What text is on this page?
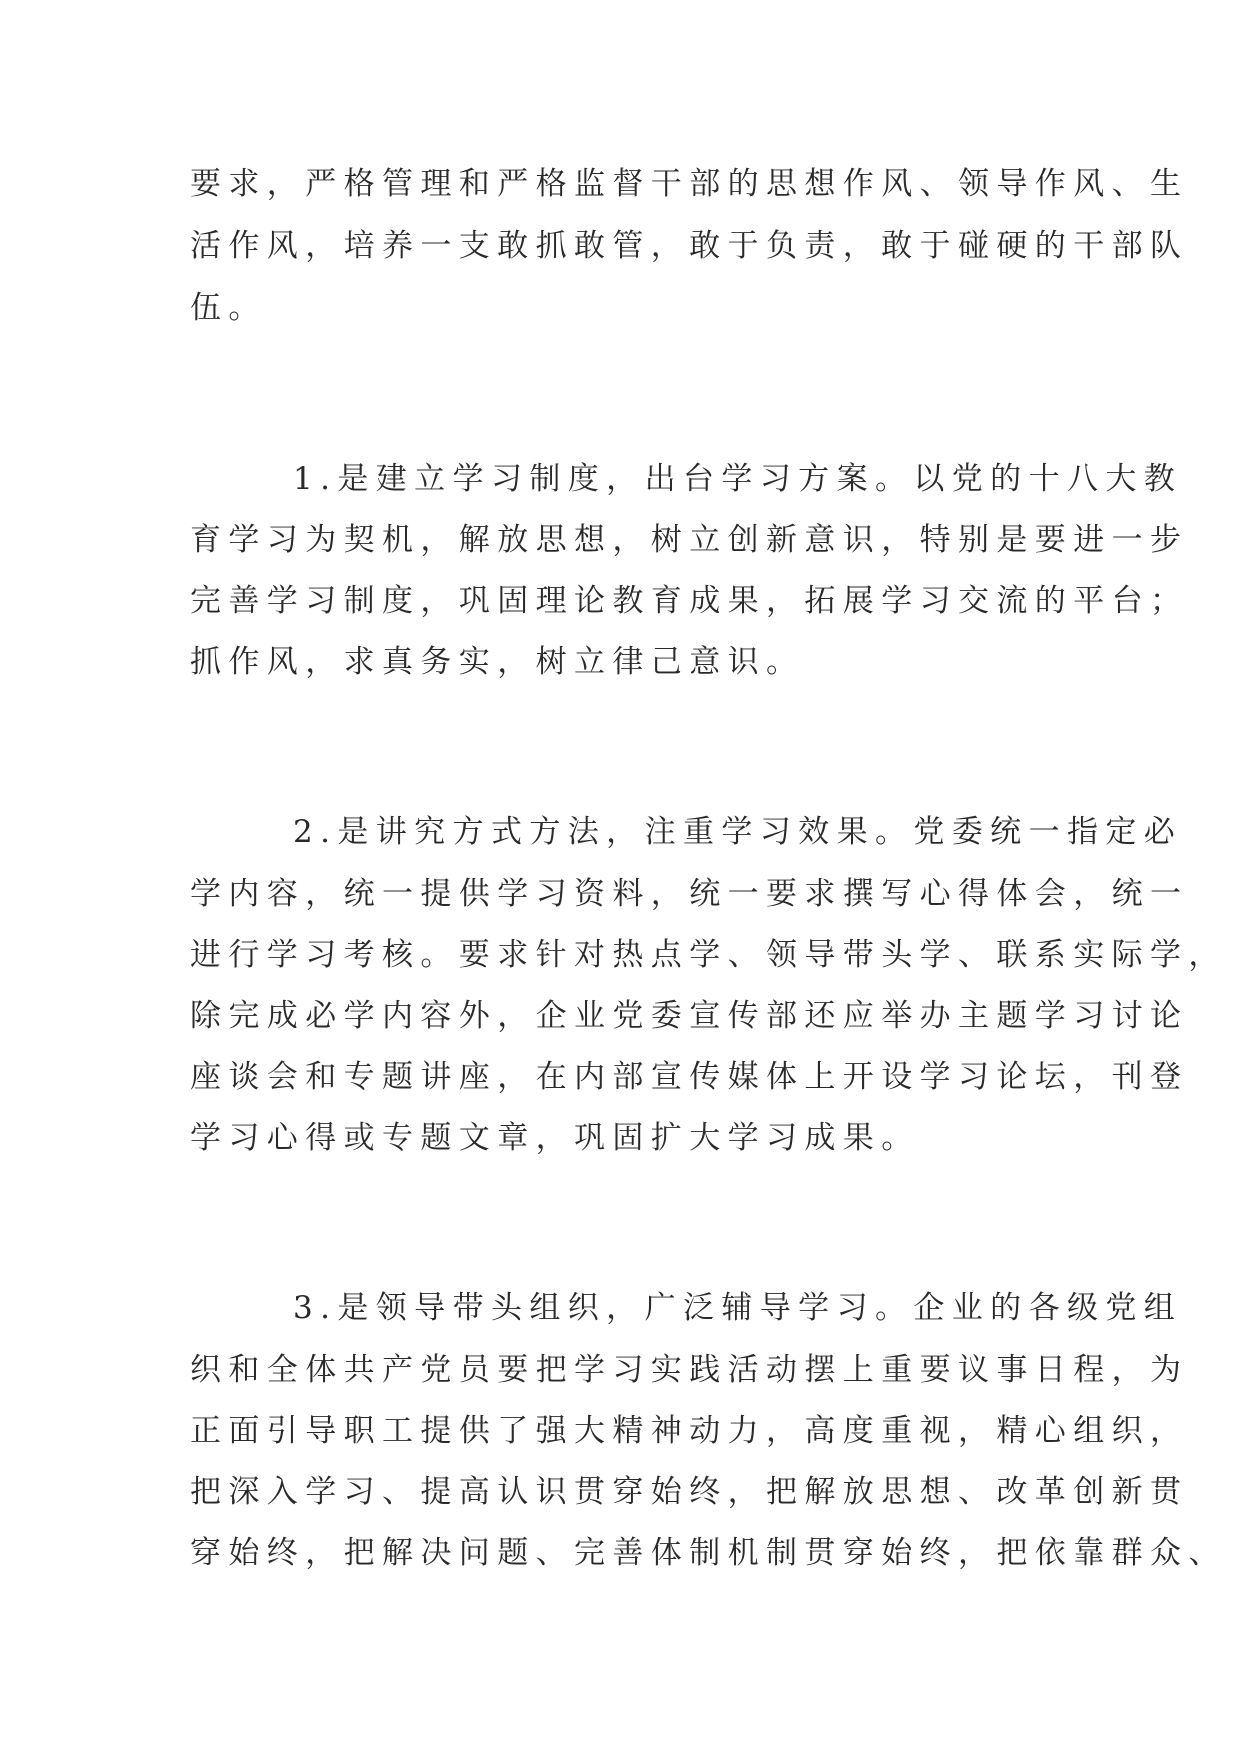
要求，严格管理和严格监督干部的思想作风、领导作风、生
活作风，培养一支敢抓敢管，敢于负责，敢于碰硬的干部队
伍。
1.是建立学习制度，出台学习方案。以党的十八大教
育学习为契机，解放思想，树立创新意识，特别是要进一步
完善学习制度，巩固理论教育成果，拓展学习交流的平台；
抓作风，求真务实，树立律己意识。
2.是讲究方式方法，注重学习效果。党委统一指定必
学内容，统一提供学习资料，统一要求撰写心得体会，统一
进行学习考核。要求针对热点学、领导带头学、联系实际学，
除完成必学内容外，企业党委宣传部还应举办主题学习讨论
座谈会和专题讲座，在内部宣传媒体上开设学习论坛，刊登
学习心得或专题文章，巩固扩大学习成果。
3.是领导带头组织，广泛辅导学习。企业的各级党组
织和全体共产党员要把学习实践活动摆上重要议事日程，为
正面引导职工提供了强大精神动力，高度重视，精心组织，
把深入学习、提高认识贯穿始终，把解放思想、改革创新贯
穿始终，把解决问题、完善体制机制贯穿始终，把依靠群众、
